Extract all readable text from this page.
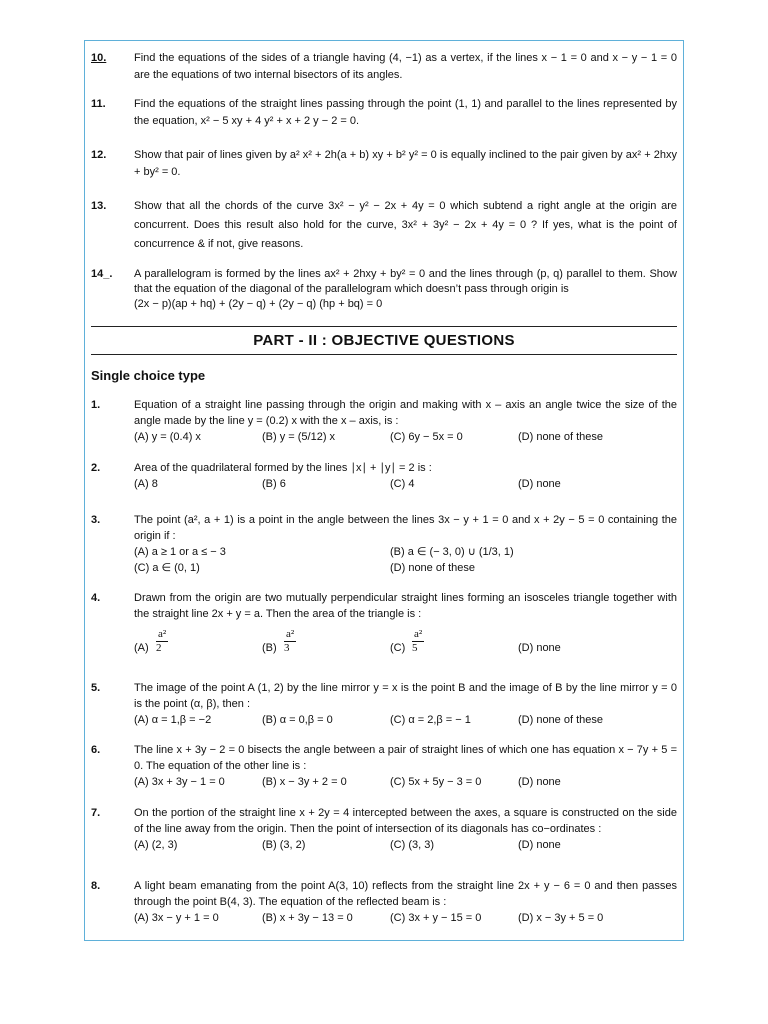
10.	Find the equations of the sides of a triangle having (4, −1) as a vertex, if the lines x − 1 = 0 and x − y − 1 = 0 are the equations of two internal bisectors of its angles.
11.	Find the equations of the straight lines passing through the point (1, 1) and parallel to the lines represented by the equation, x² − 5 xy + 4 y² + x + 2 y − 2 = 0.
12.	Show that pair of lines given by a² x² + 2h(a + b) xy + b² y² = 0 is equally inclined to the pair given by ax² + 2hxy + by² = 0.
13.	Show that all the chords of the curve 3x² − y² − 2x + 4y = 0 which subtend a right angle at the origin are concurrent. Does this result also hold for the curve, 3x² + 3y² − 2x + 4y = 0 ? If yes, what is the point of concurrence & if not, give reasons.
14_. A parallelogram is formed by the lines ax² + 2hxy + by² = 0 and the lines through (p, q) parallel to them. Show that the equation of the diagonal of the parallelogram which doesn’t pass through origin is
(2x − p)(ap + hq) + (2y − q) + (2y − q) (hp + bq) = 0
PART - II : OBJECTIVE QUESTIONS
Single choice type
1.	Equation of a straight line passing through the origin and making with x – axis an angle twice the size of the angle made by the line y = (0.2) x with the x – axis, is :
(A) y = (0.4) x	(B) y = (5/12) x	(C) 6y − 5x = 0	(D) none of these
2.	Area of the quadrilateral formed by the lines ∣x∣ + ∣y∣ = 2 is :
(A) 8	(B) 6	(C) 4	(D) none
3.	The point (a², a + 1) is a point in the angle between the lines 3x − y + 1 = 0 and x + 2y − 5 = 0 containing the origin if :
(A) a ≥ 1 or a ≤ − 3	(B) a ∈ (− 3, 0) ∪ (1/3, 1)
(C) a ∈ (0, 1)	(D) none of these
4.	Drawn from the origin are two mutually perpendicular straight lines forming an isosceles triangle together with the straight line 2x + y = a. Then the area of the triangle is :
$(A) \frac{\text{a²}}{2}$	$(B) \frac{\text{a²}}{3}$	$(C) \frac{\text{a²}}{5}$	(D) none
5.	The image of the point A (1, 2) by the line mirror y = x is the point B and the image of B by the line mirror y = 0 is the point (α, β), then :
(A) α = 1,β = −2	(B) α = 0,β = 0	(C) α = 2,β = − 1	(D) none of these
6.	The line x + 3y − 2 = 0 bisects the angle between a pair of straight lines of which one has equation x − 7y + 5 = 0. The equation of the other line is :
(A) 3x + 3y − 1 = 0	(B) x − 3y + 2 = 0	(C) 5x + 5y − 3 = 0	(D) none
7.	On the portion of the straight line x + 2y = 4 intercepted between the axes, a square is constructed on the side of the line away from the origin. Then the point of intersection of its diagonals has co−ordinates :
(A) (2, 3)	(B) (3, 2)	(C) (3, 3)	(D) none
8.	A light beam emanating from the point A(3, 10) reflects from the straight line 2x + y − 6 = 0 and then passes through the point B(4, 3). The equation of the reflected beam is :
(A) 3x − y + 1 = 0	(B) x + 3y − 13 = 0	(C) 3x + y − 15 = 0	(D) x − 3y + 5 = 0
